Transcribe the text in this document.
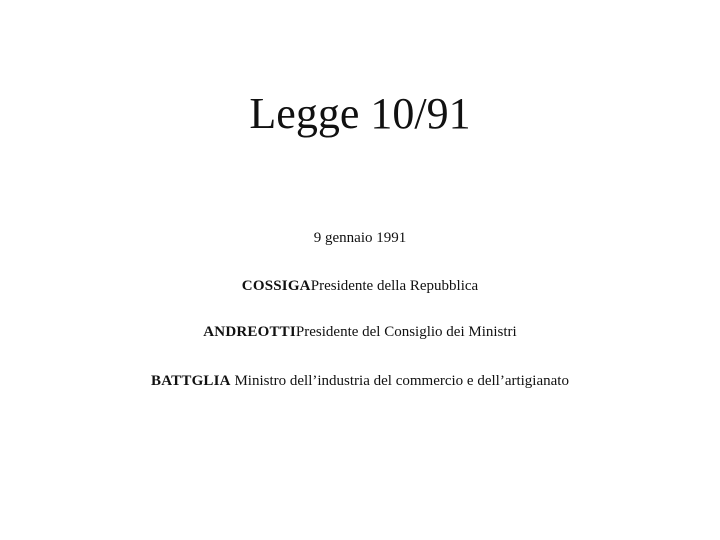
Legge 10/91
9 gennaio 1991
COSSIGAPresidente della Repubblica
ANDREOTTIPresidente del Consiglio dei Ministri
BATTGLIA Ministro dell’industria del commercio e dell’artigianato
